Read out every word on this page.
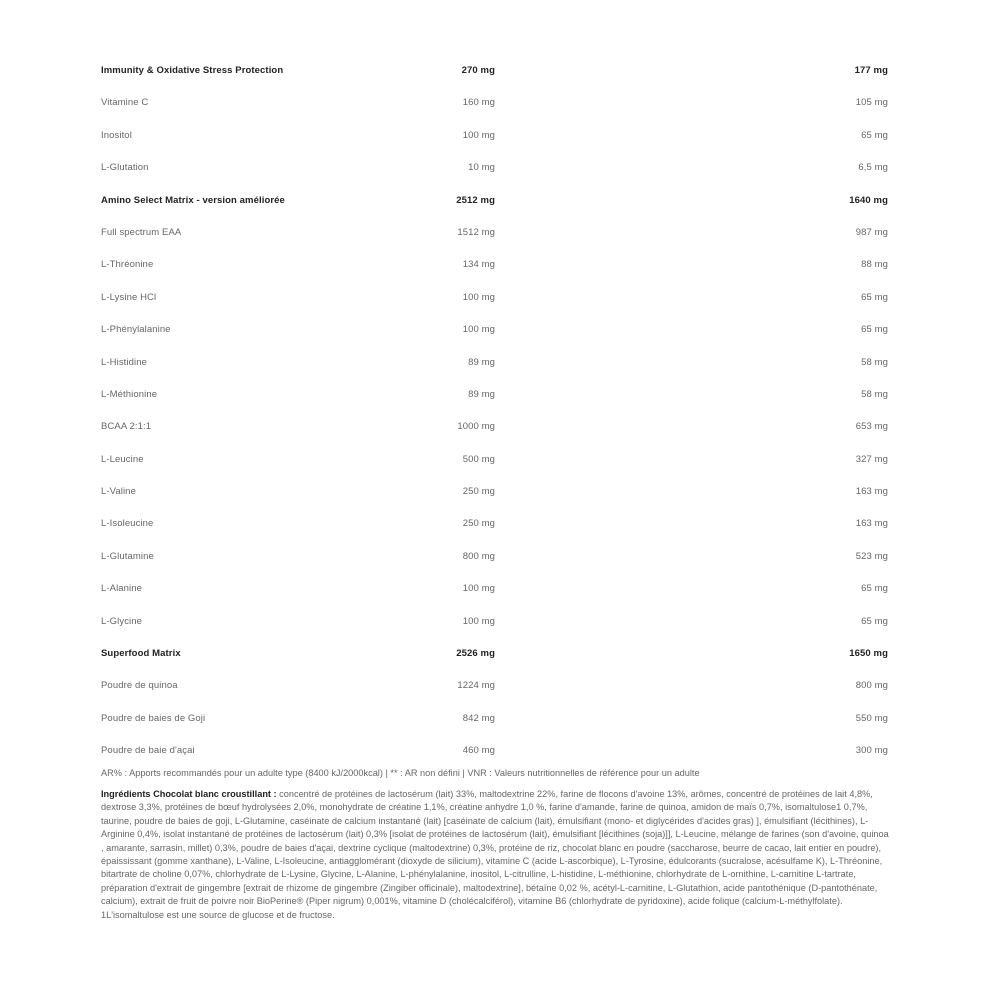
Immunity & Oxidative Stress Protection	270 mg	177 mg
Vitamine C	160 mg	105 mg
Inositol	100 mg	65 mg
L-Glutation	10 mg	6,5 mg
Amino Select Matrix - version améliorée	2512 mg	1640 mg
Full spectrum EAA	1512 mg	987 mg
L-Thréonine	134 mg	88 mg
L-Lysine HCl	100 mg	65 mg
L-Phénylalanine	100 mg	65 mg
L-Histidine	89 mg	58 mg
L-Méthionine	89 mg	58 mg
BCAA 2:1:1	1000 mg	653 mg
L-Leucine	500 mg	327 mg
L-Valine	250 mg	163 mg
L-Isoleucine	250 mg	163 mg
L-Glutamine	800 mg	523 mg
L-Alanine	100 mg	65 mg
L-Glycine	100 mg	65 mg
Superfood Matrix	2526 mg	1650 mg
Poudre de quinoa	1224 mg	800 mg
Poudre de baies de Goji	842 mg	550 mg
Poudre de baie d'açai	460 mg	300 mg
AR% : Apports recommandés pour un adulte type (8400 kJ/2000kcal) | ** : AR non défini | VNR : Valeurs nutritionnelles de référence pour un adulte
Ingrédients Chocolat blanc croustillant : concentré de protéines de lactosérum (lait) 33%, maltodextrine 22%, farine de flocons d'avoine 13%, arômes, concentré de protéines de lait 4,8%, dextrose 3,3%, protéines de bœuf hydrolysées 2,0%, monohydrate de créatine 1,1%, créatine anhydre 1,0 %, farine d'amande, farine de quinoa, amidon de maïs 0,7%, isomaltulose1 0,7%, taurine, poudre de baies de goji, L-Glutamine, caséinate de calcium instantané (lait) [caséinate de calcium (lait), émulsifiant (mono- et diglycérides d'acides gras) ], émulsifiant (lécithines), L-Arginine 0,4%, isolat instantané de protéines de lactosérum (lait) 0,3% [isolat de protéines de lactosérum (lait), émulsifiant [lécithines (soja)]], L-Leucine, mélange de farines (son d'avoine, quinoa , amarante, sarrasin, millet) 0,3%, poudre de baies d'açai, dextrine cyclique (maltodextrine) 0,3%, protéine de riz, chocolat blanc en poudre (saccharose, beurre de cacao, lait entier en poudre), épaississant (gomme xanthane), L-Valine, L-Isoleucine, antiagglomérant (dioxyde de silicium), vitamine C (acide L-ascorbique), L-Tyrosine, édulcorants (sucralose, acésulfame K), L-Thréonine, bitartrate de choline 0,07%, chlorhydrate de L-Lysine, Glycine, L-Alanine, L-phénylalanine, inositol, L-citrulline, L-histidine, L-méthionine, chlorhydrate de L-ornithine, L-carnitine L-tartrate, préparation d'extrait de gingembre [extrait de rhizome de gingembre (Zingiber officinale), maltodextrine], bétaïne 0,02 %, acétyl-L-carnitine, L-Glutathion, acide pantothénique (D-pantothénate, calcium), extrait de fruit de poivre noir BioPerine® (Piper nigrum) 0,001%, vitamine D (cholécalciférol), vitamine B6 (chlorhydrate de pyridoxine), acide folique (calcium-L-méthylfolate). 1L'isomaltulose est une source de glucose et de fructose.
